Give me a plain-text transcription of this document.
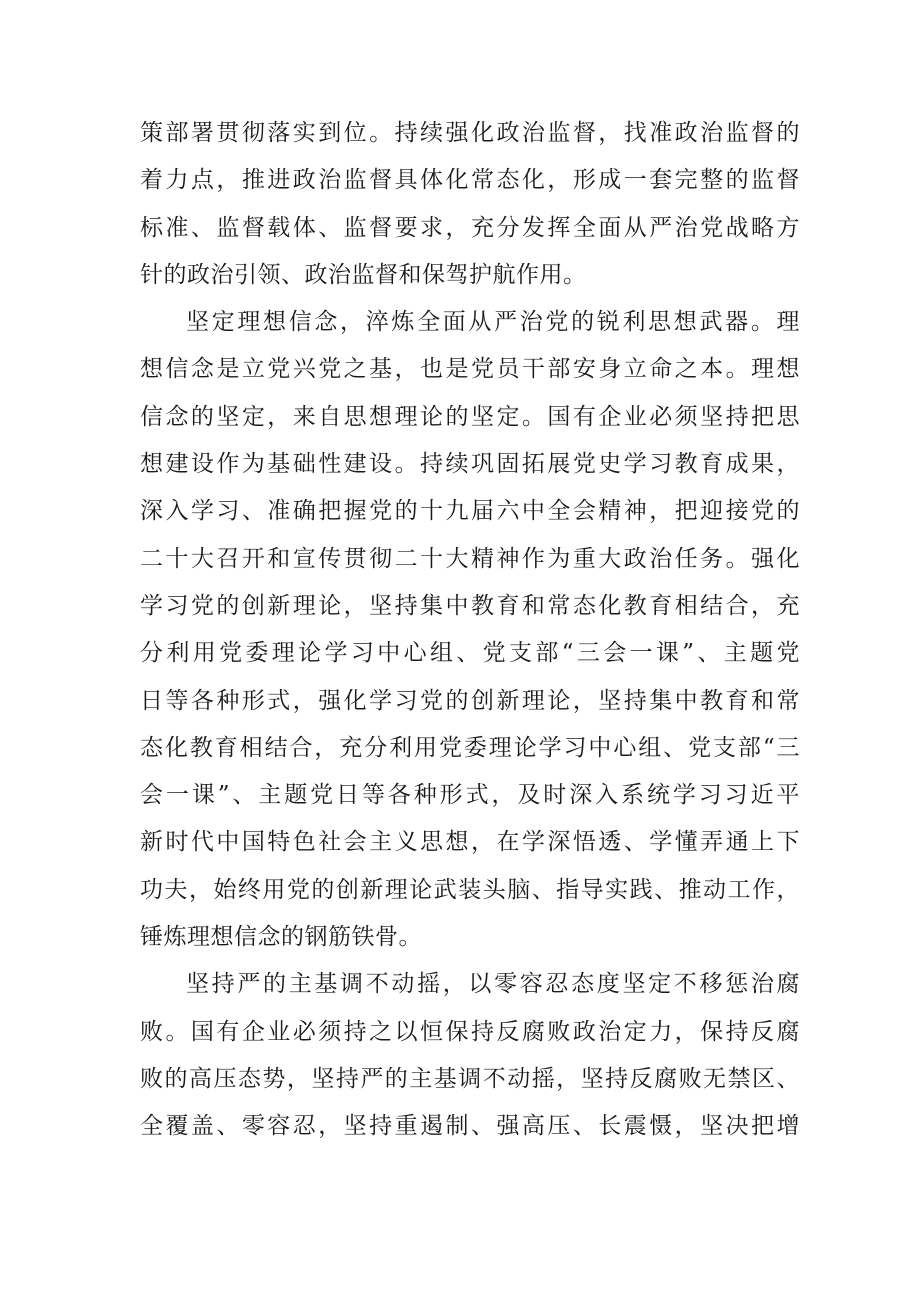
策部署贯彻落实到位。持续强化政治监督，找准政治监督的
着力点，推进政治监督具体化常态化，形成一套完整的监督
标准、监督载体、监督要求，充分发挥全面从严治党战略方
针的政治引领、政治监督和保驾护航作用。
坚定理想信念，淬炼全面从严治党的锐利思想武器。理
想信念是立党兴党之基，也是党员干部安身立命之本。理想
信念的坚定，来自思想理论的坚定。国有企业必须坚持把思
想建设作为基础性建设。持续巩固拓展党史学习教育成果，
深入学习、准确把握党的十九届六中全会精神，把迎接党的
二十大召开和宣传贯彻二十大精神作为重大政治任务。强化
学习党的创新理论，坚持集中教育和常态化教育相结合，充
分利用党委理论学习中心组、党支部“三会一课”、主题党
日等各种形式，强化学习党的创新理论，坚持集中教育和常
态化教育相结合，充分利用党委理论学习中心组、党支部“三
会一课”、主题党日等各种形式，及时深入系统学习习近平
新时代中国特色社会主义思想，在学深悟透、学懂弄通上下
功夫，始终用党的创新理论武装头脑、指导实践、推动工作，
锤炼理想信念的钢筋铁骨。
坚持严的主基调不动摇，以零容忍态度坚定不移惩治腐
败。国有企业必须持之以恒保持反腐败政治定力，保持反腐
败的高压态势，坚持严的主基调不动摇，坚持反腐败无禁区、
全覆盖、零容忍，坚持重遏制、强高压、长震慑，坚决把增
